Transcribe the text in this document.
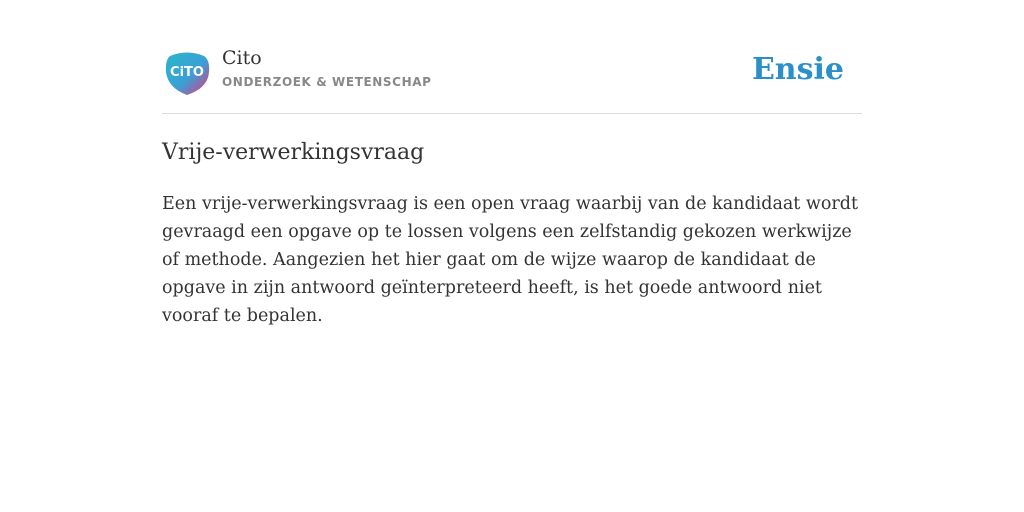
CiTO
Cito
ONDERZOEK & WETENSCHAP	Ensie
Vrije-verwerkingsvraag

Een vrije-verwerkingsvraag is een open vraag waarbij van de kandidaat wordt gevraagd een opgave op te lossen volgens een zelfstandig gekozen werkwijze of methode. Aangezien het hier gaat om de wijze waarop de kandidaat de opgave in zijn antwoord geïnterpreteerd heeft, is het goede antwoord niet vooraf te bepalen.
